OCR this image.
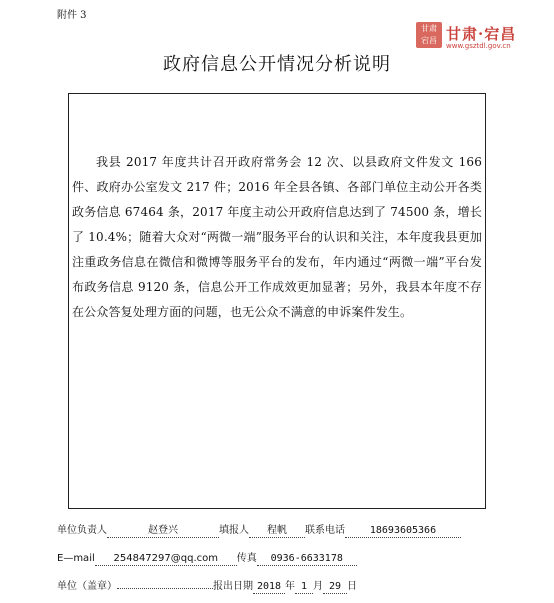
附件 3
甘肃
宕昌 甘肃·宕昌
www.gsztdl.gov.cn
政府信息公开情况分析说明

我县 2017 年度共计召开政府常务会 12 次、以县政府文件发文 166 件、政府办公室发文 217 件；2016 年全县各镇、各部门单位主动公开各类政务信息 67464 条，2017 年度主动公开政府信息达到了 74500 条，增长了 10.4%；随着大众对“两微一端”服务平台的认识和关注，本年度我县更加注重政务信息在微信和微博等服务平台的发布，年内通过“两微一端”平台发布政务信息 9120 条，信息公开工作成效更加显著；另外，我县本年度不存在公众答复处理方面的问题，也无公众不满意的申诉案件发生。

单位负责人	赵登兴	填报人 程帆 联系电话 18693605366
E—mail 254847297@qq.com 传真 0936-6633178
单位（盖章）	报出日期 2018 年 1 月 29 日
